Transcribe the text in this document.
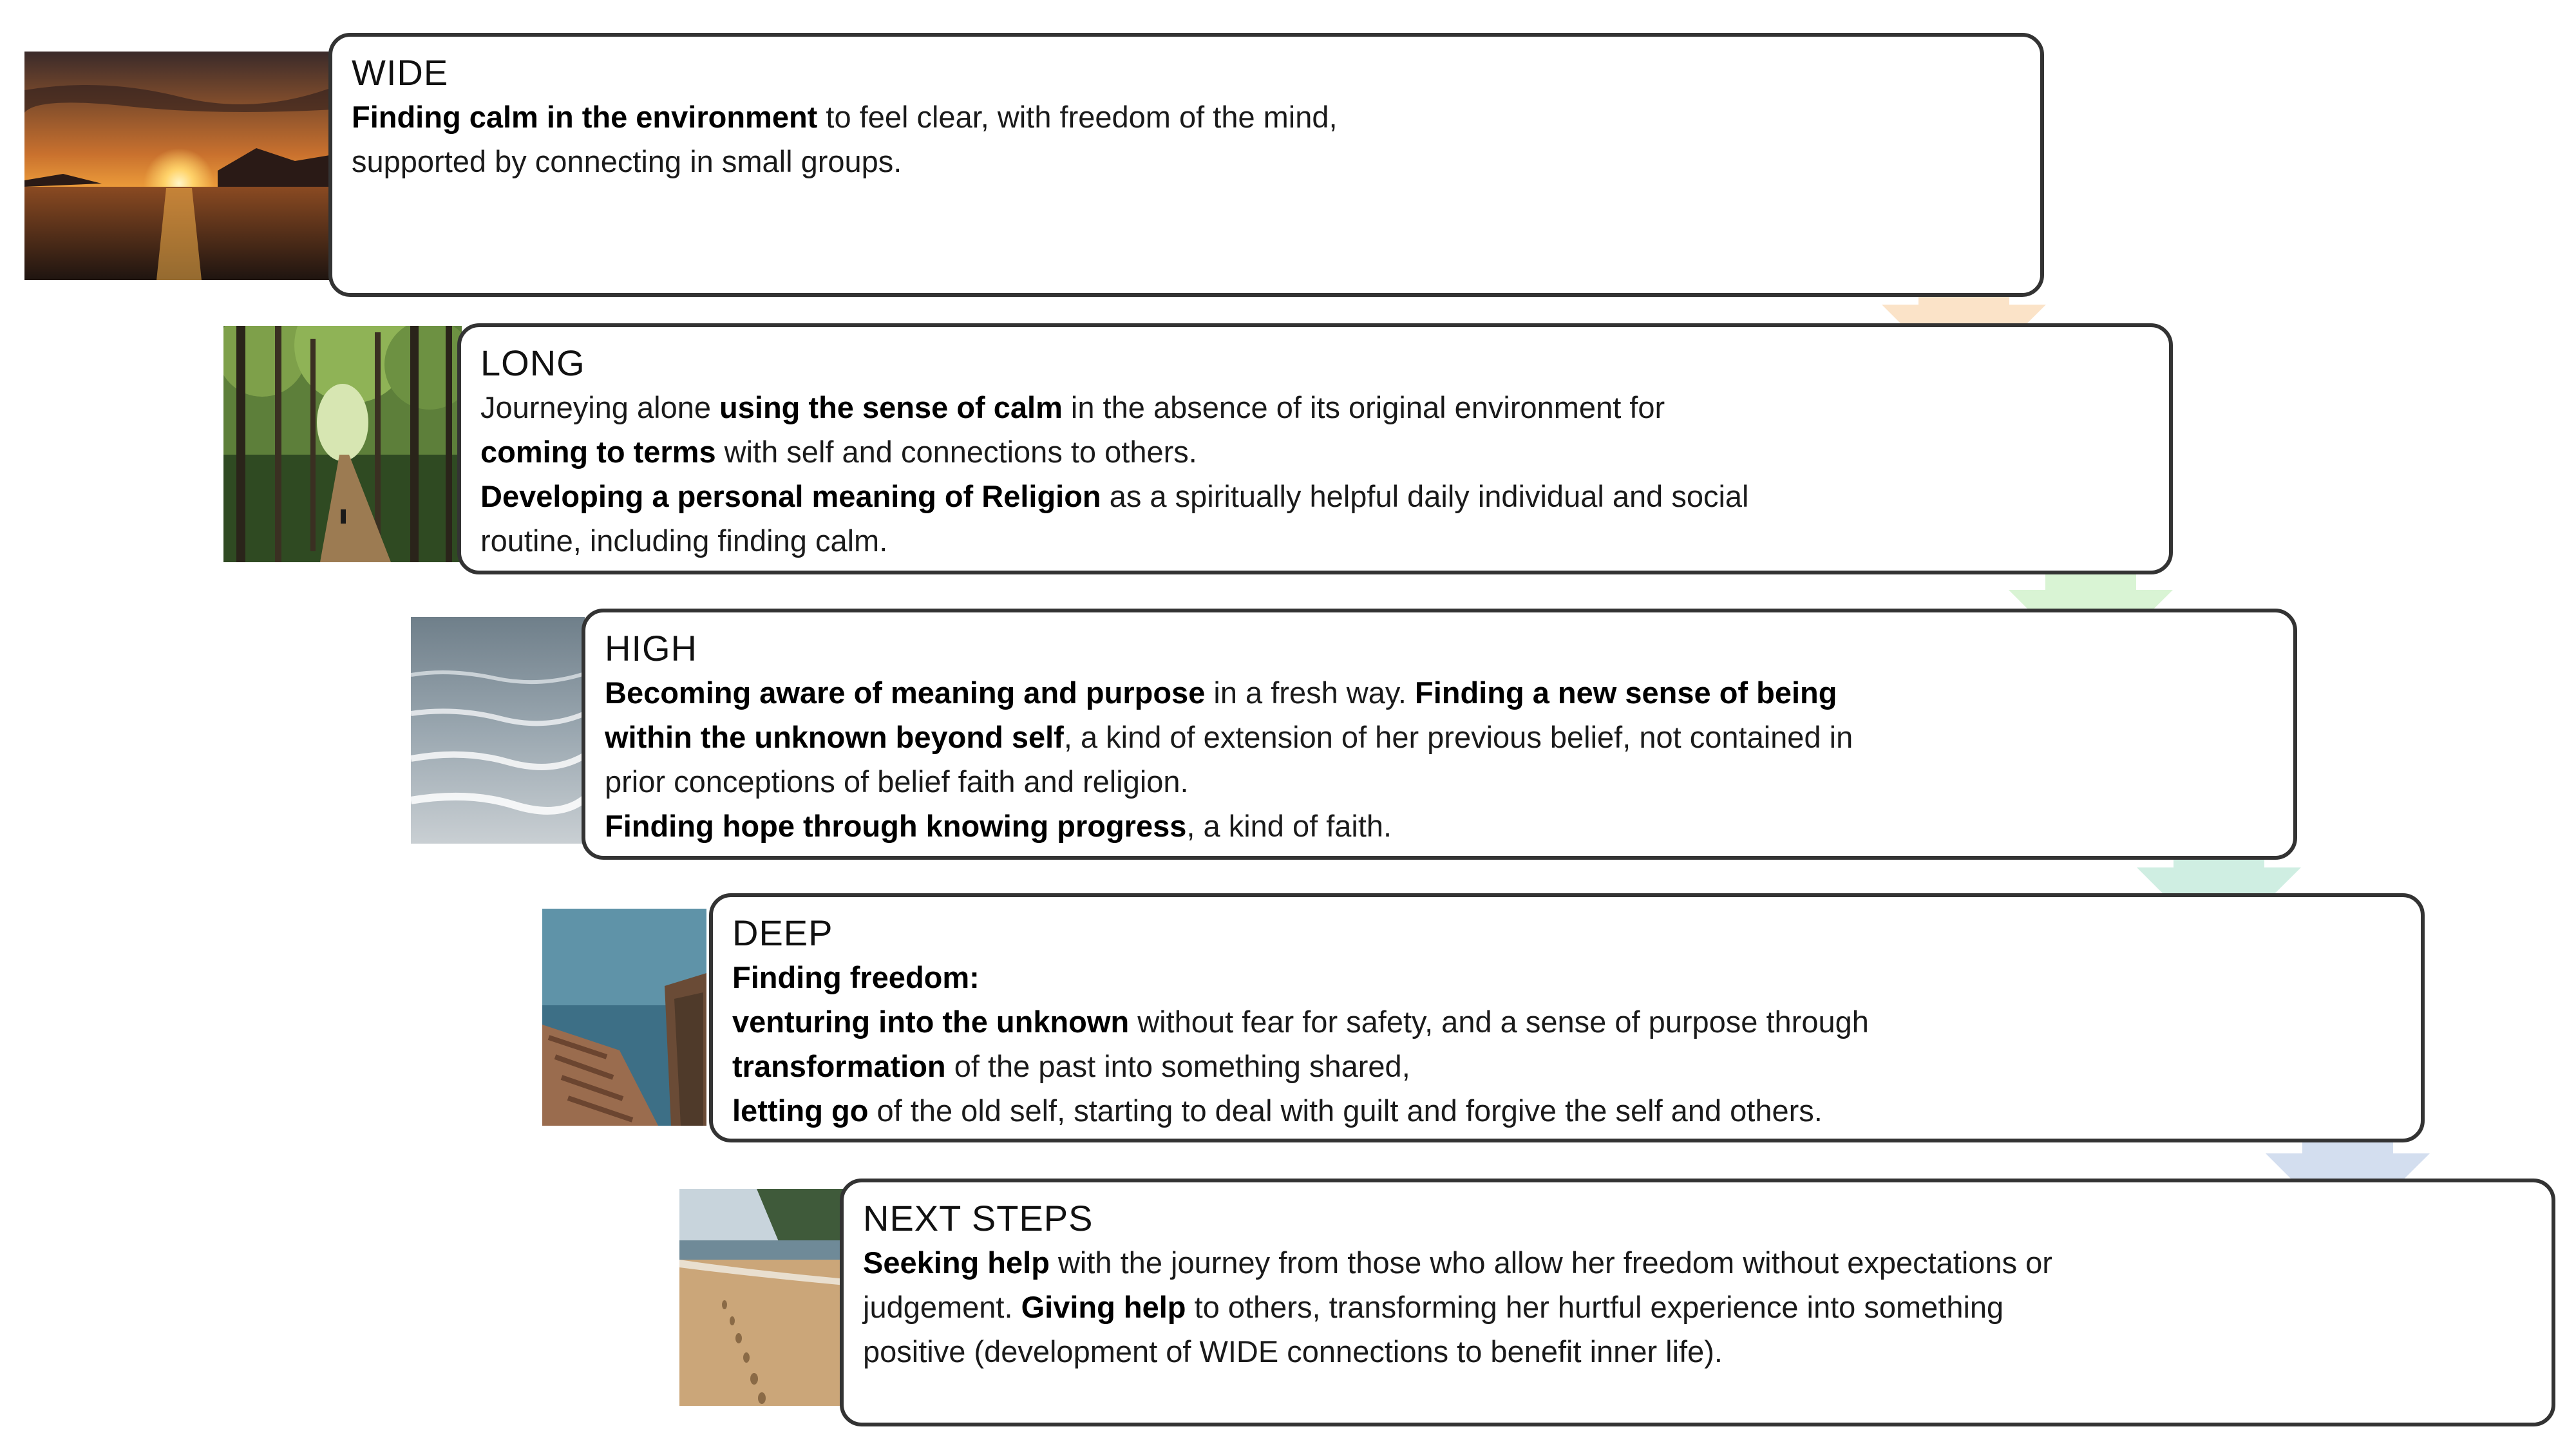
WIDE
Finding calm in the environment to feel clear, with freedom of the mind,
supported by connecting in small groups.
LONG
Journeying alone using the sense of calm in the absence of its original environment for
coming to terms with self and connections to others.
Developing a personal meaning of Religion as a spiritually helpful daily individual and social
routine, including finding calm.
HIGH
Becoming aware of meaning and purpose in a fresh way. Finding a new sense of being
within the unknown beyond self, a kind of extension of her previous belief, not contained in
prior conceptions of belief faith and religion.
Finding hope through knowing progress, a kind of faith.
DEEP
Finding freedom:
venturing into the unknown without fear for safety, and a sense of purpose through
transformation of the past into something shared,
letting go of the old self, starting to deal with guilt and forgive the self and others.
NEXT STEPS
Seeking help with the journey from those who allow her freedom without expectations or
judgement. Giving help to others, transforming her hurtful experience into something
positive (development of WIDE connections to benefit inner life).
